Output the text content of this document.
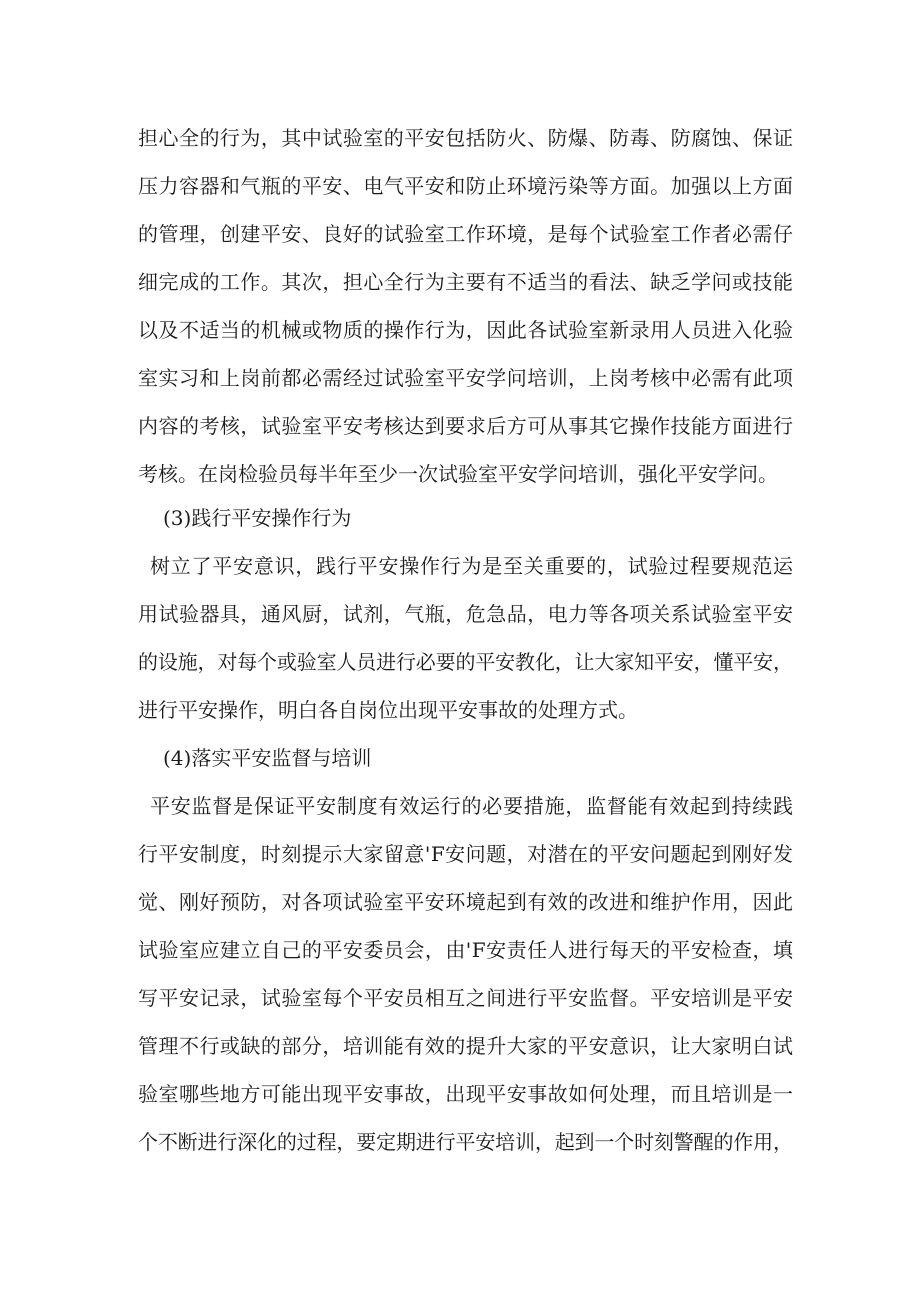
担心全的行为，其中试验室的平安包括防火、防爆、防毒、防腐蚀、保证
压力容器和气瓶的平安、电气平安和防止环境污染等方面。加强以上方面
的管理，创建平安、良好的试验室工作环境，是每个试验室工作者必需仔
细完成的工作。其次，担心全行为主要有不适当的看法、缺乏学问或技能
以及不适当的机械或物质的操作行为，因此各试验室新录用人员进入化验
室实习和上岗前都必需经过试验室平安学问培训，上岗考核中必需有此项
内容的考核，试验室平安考核达到要求后方可从事其它操作技能方面进行
考核。在岗检验员每半年至少一次试验室平安学问培训，强化平安学问。
(3)践行平安操作行为
树立了平安意识，践行平安操作行为是至关重要的，试验过程要规范运
用试验器具，通风厨，试剂，气瓶，危急品，电力等各项关系试验室平安
的设施，对每个或验室人员进行必要的平安教化，让大家知平安，懂平安，
进行平安操作，明白各自岗位出现平安事故的处理方式。
(4)落实平安监督与培训
平安监督是保证平安制度有效运行的必要措施，监督能有效起到持续践
行平安制度，时刻提示大家留意'F安问题，对潜在的平安问题起到刚好发
觉、刚好预防，对各项试验室平安环境起到有效的改进和维护作用，因此
试验室应建立自己的平安委员会，由'F安责任人进行每天的平安检查，填
写平安记录，试验室每个平安员相互之间进行平安监督。平安培训是平安
管理不行或缺的部分，培训能有效的提升大家的平安意识，让大家明白试
验室哪些地方可能出现平安事故，出现平安事故如何处理，而且培训是一
个不断进行深化的过程，要定期进行平安培训，起到一个时刻警醒的作用，
